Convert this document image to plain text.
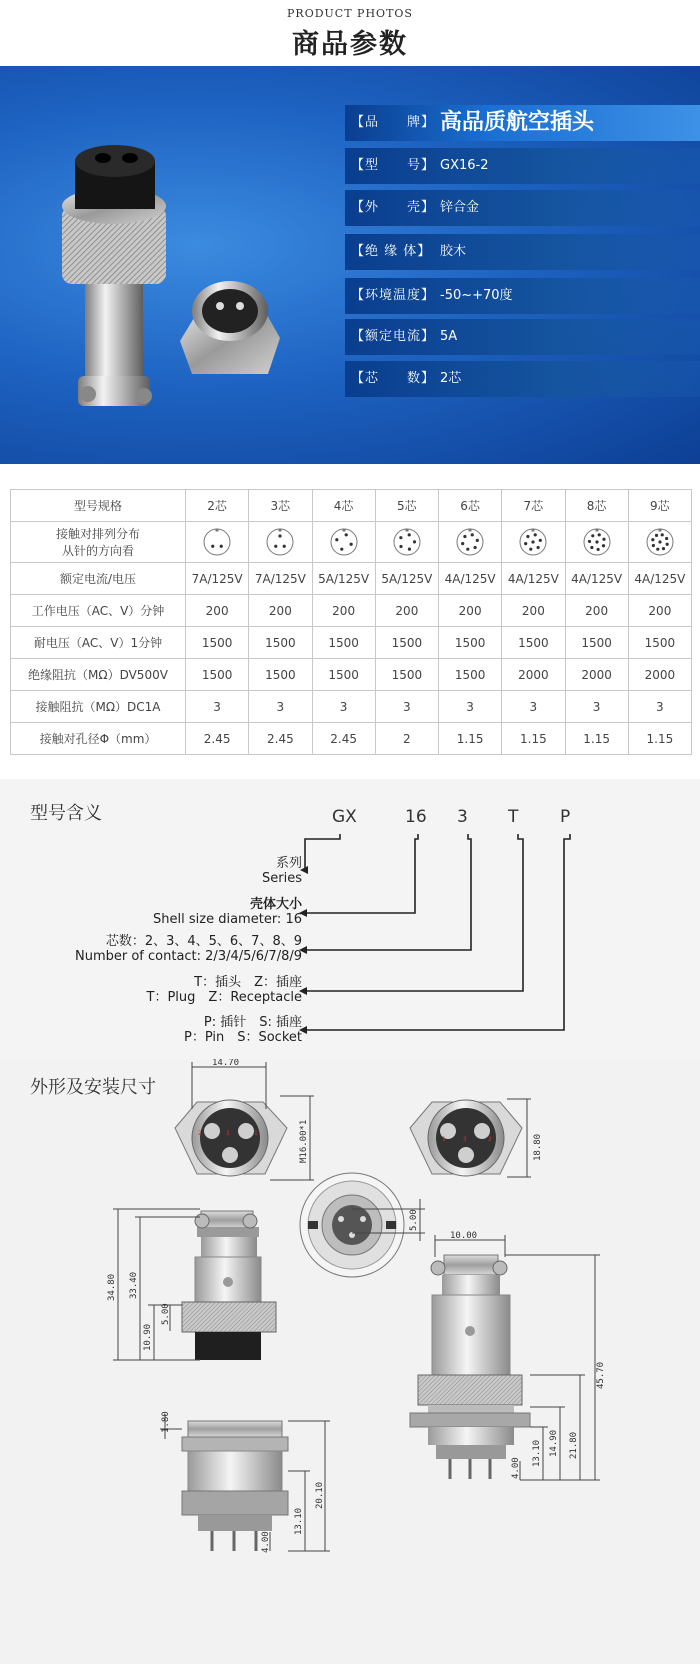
PRODUCT PHOTOS
商品参数
【品　　牌】 高品质航空插头
【型　　号】 GX16-2
【外　　壳】 锌合金
【绝 缘 体】 胶木
【环境温度】 -50~+70度
【额定电流】 5A
【芯　　数】 2芯
型号规格	2芯	3芯	4芯	5芯	6芯	7芯	8芯	9芯

接触对排列分布
从针的方向看

额定电流/电压	7A/125V	7A/125V	5A/125V	5A/125V	4A/125V	4A/125V	4A/125V	4A/125V
工作电压（AC、V）分钟	200	200	200	200	200	200	200	200
耐电压（AC、V）1分钟	1500	1500	1500	1500	1500	1500	1500	1500
绝缘阻抗（MΩ）DV500V	1500	1500	1500	1500	1500	2000	2000	2000
接触阻抗（MΩ）DC1A	3	3	3	3	3	3	3	3
接触对孔径Φ（mm）	2.45	2.45	2.45	2	1.15	1.15	1.15	1.15
型号含义	GX	16 3 T P
系列
Series
壳体大小
Shell size diameter: 16
芯数：2、3、4、5、6、7、8、9
Number of contact: 2/3/4/5/6/7/8/9
T：插头　Z：插座
T：Plug　Z：Receptacle
P: 插针　S: 插座
P：Pin　S：Socket
外形及安装尺寸
2	3	1
14.70
M16.00*1	1	3	2	18.80
5.00
34.80 33.40
10.90
5.00
10.00
45.70
21.80
14.90
13.10
4.00
1.80
20.10
13.10
4.00
